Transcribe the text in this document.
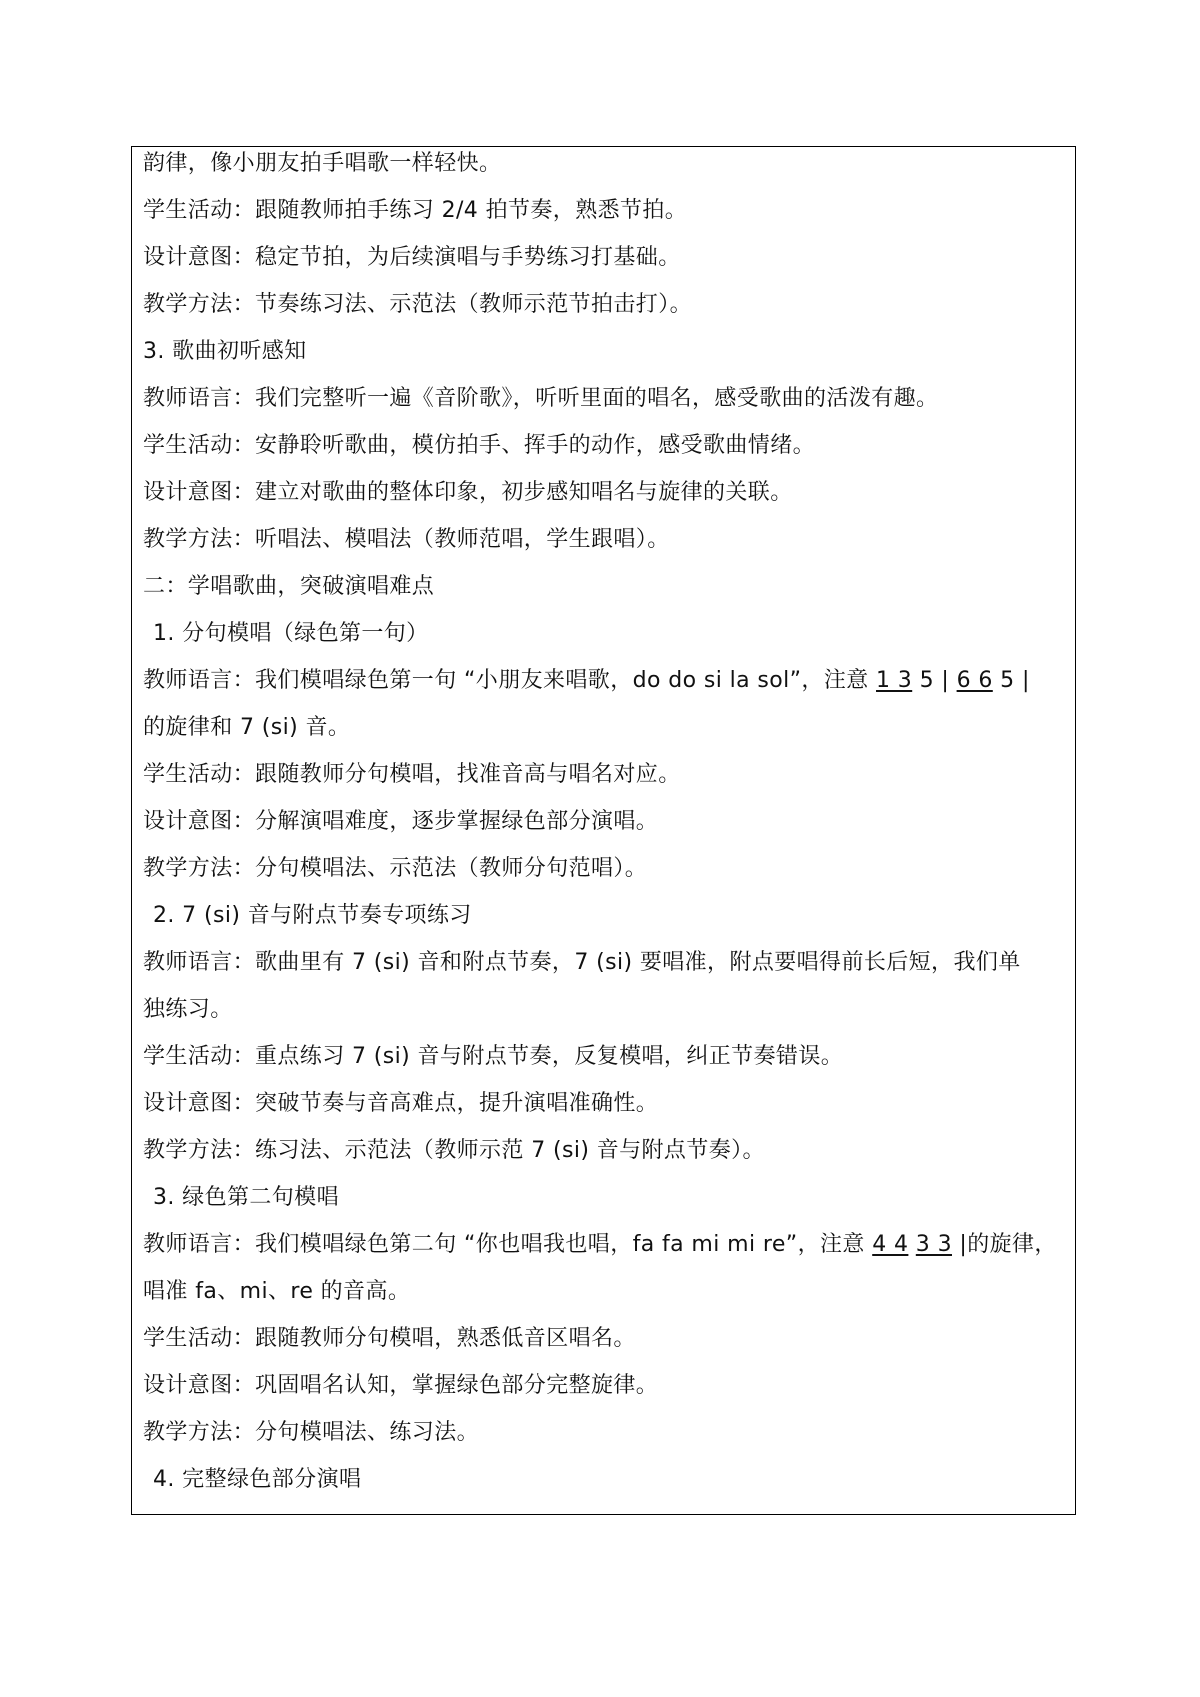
韵律，像小朋友拍手唱歌一样轻快。
学生活动：跟随教师拍手练习 2/4 拍节奏，熟悉节拍。
设计意图：稳定节拍，为后续演唱与手势练习打基础。
教学方法：节奏练习法、示范法（教师示范节拍击打）。
3. 歌曲初听感知
教师语言：我们完整听一遍《音阶歌》，听听里面的唱名，感受歌曲的活泼有趣。
学生活动：安静聆听歌曲，模仿拍手、挥手的动作，感受歌曲情绪。
设计意图：建立对歌曲的整体印象，初步感知唱名与旋律的关联。
教学方法：听唱法、模唱法（教师范唱，学生跟唱）。
二：学唱歌曲，突破演唱难点
1. 分句模唱（绿色第一句）
教师语言：我们模唱绿色第一句 “小朋友来唱歌，do do si la sol”，注意 1 3 5 | 6 6 5 |
的旋律和 7 (si) 音。
学生活动：跟随教师分句模唱，找准音高与唱名对应。
设计意图：分解演唱难度，逐步掌握绿色部分演唱。
教学方法：分句模唱法、示范法（教师分句范唱）。
2. 7 (si) 音与附点节奏专项练习
教师语言：歌曲里有 7 (si) 音和附点节奏，7 (si) 要唱准，附点要唱得前长后短，我们单
独练习。
学生活动：重点练习 7 (si) 音与附点节奏，反复模唱，纠正节奏错误。
设计意图：突破节奏与音高难点，提升演唱准确性。
教学方法：练习法、示范法（教师示范 7 (si) 音与附点节奏）。
3. 绿色第二句模唱
教师语言：我们模唱绿色第二句 “你也唱我也唱，fa fa mi mi re”，注意 4 4 3 3 |的旋律，
唱准 fa、mi、re 的音高。
学生活动：跟随教师分句模唱，熟悉低音区唱名。
设计意图：巩固唱名认知，掌握绿色部分完整旋律。
教学方法：分句模唱法、练习法。
4. 完整绿色部分演唱
